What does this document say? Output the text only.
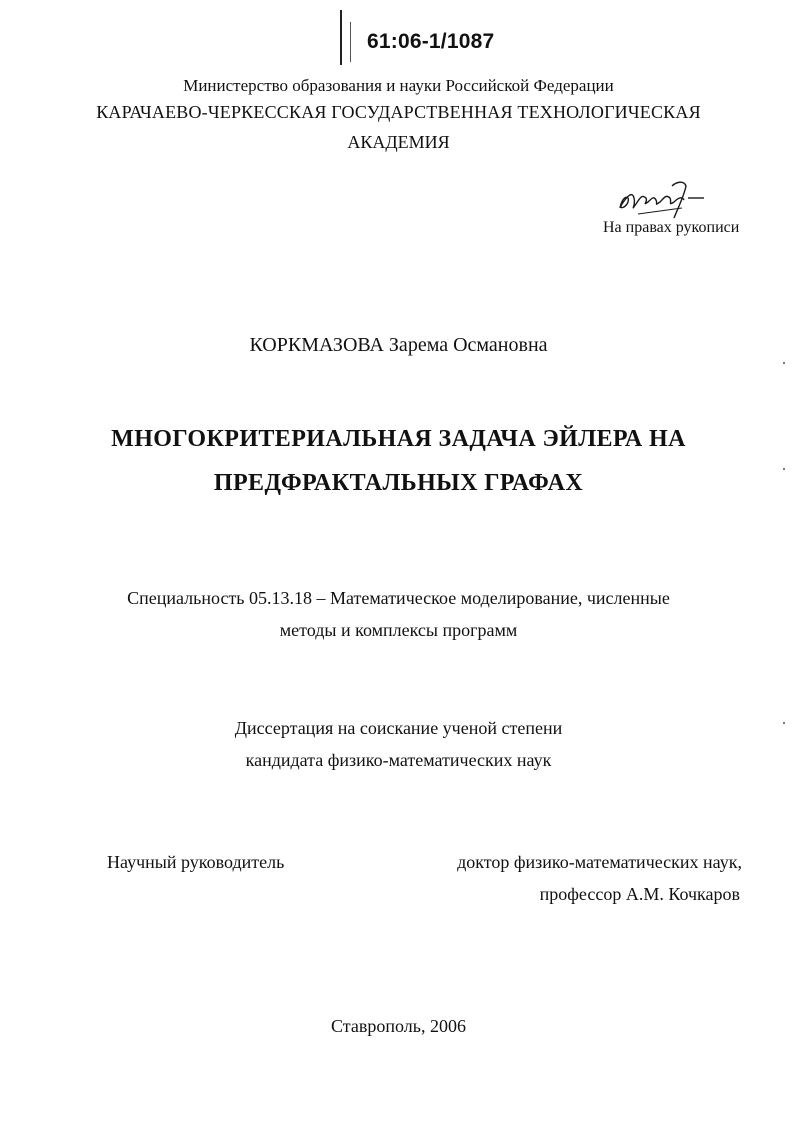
61:06-1/1087
Министерство образования и науки Российской Федерации
КАРАЧАЕВО-ЧЕРКЕССКАЯ ГОСУДАРСТВЕННАЯ ТЕХНОЛОГИЧЕСКАЯ
АКАДЕМИЯ
На правах рукописи
КОРКМАЗОВА Зарема Османовна
МНОГОКРИТЕРИАЛЬНАЯ ЗАДАЧА ЭЙЛЕРА НА
ПРЕДФРАКТАЛЬНЫХ ГРАФАХ
Специальность 05.13.18 – Математическое моделирование, численные
методы и комплексы программ
Диссертация на соискание ученой степени
кандидата физико-математических наук
Научный руководитель	доктор физико-математических наук,
профессор А.М. Кочкаров
Ставрополь, 2006
